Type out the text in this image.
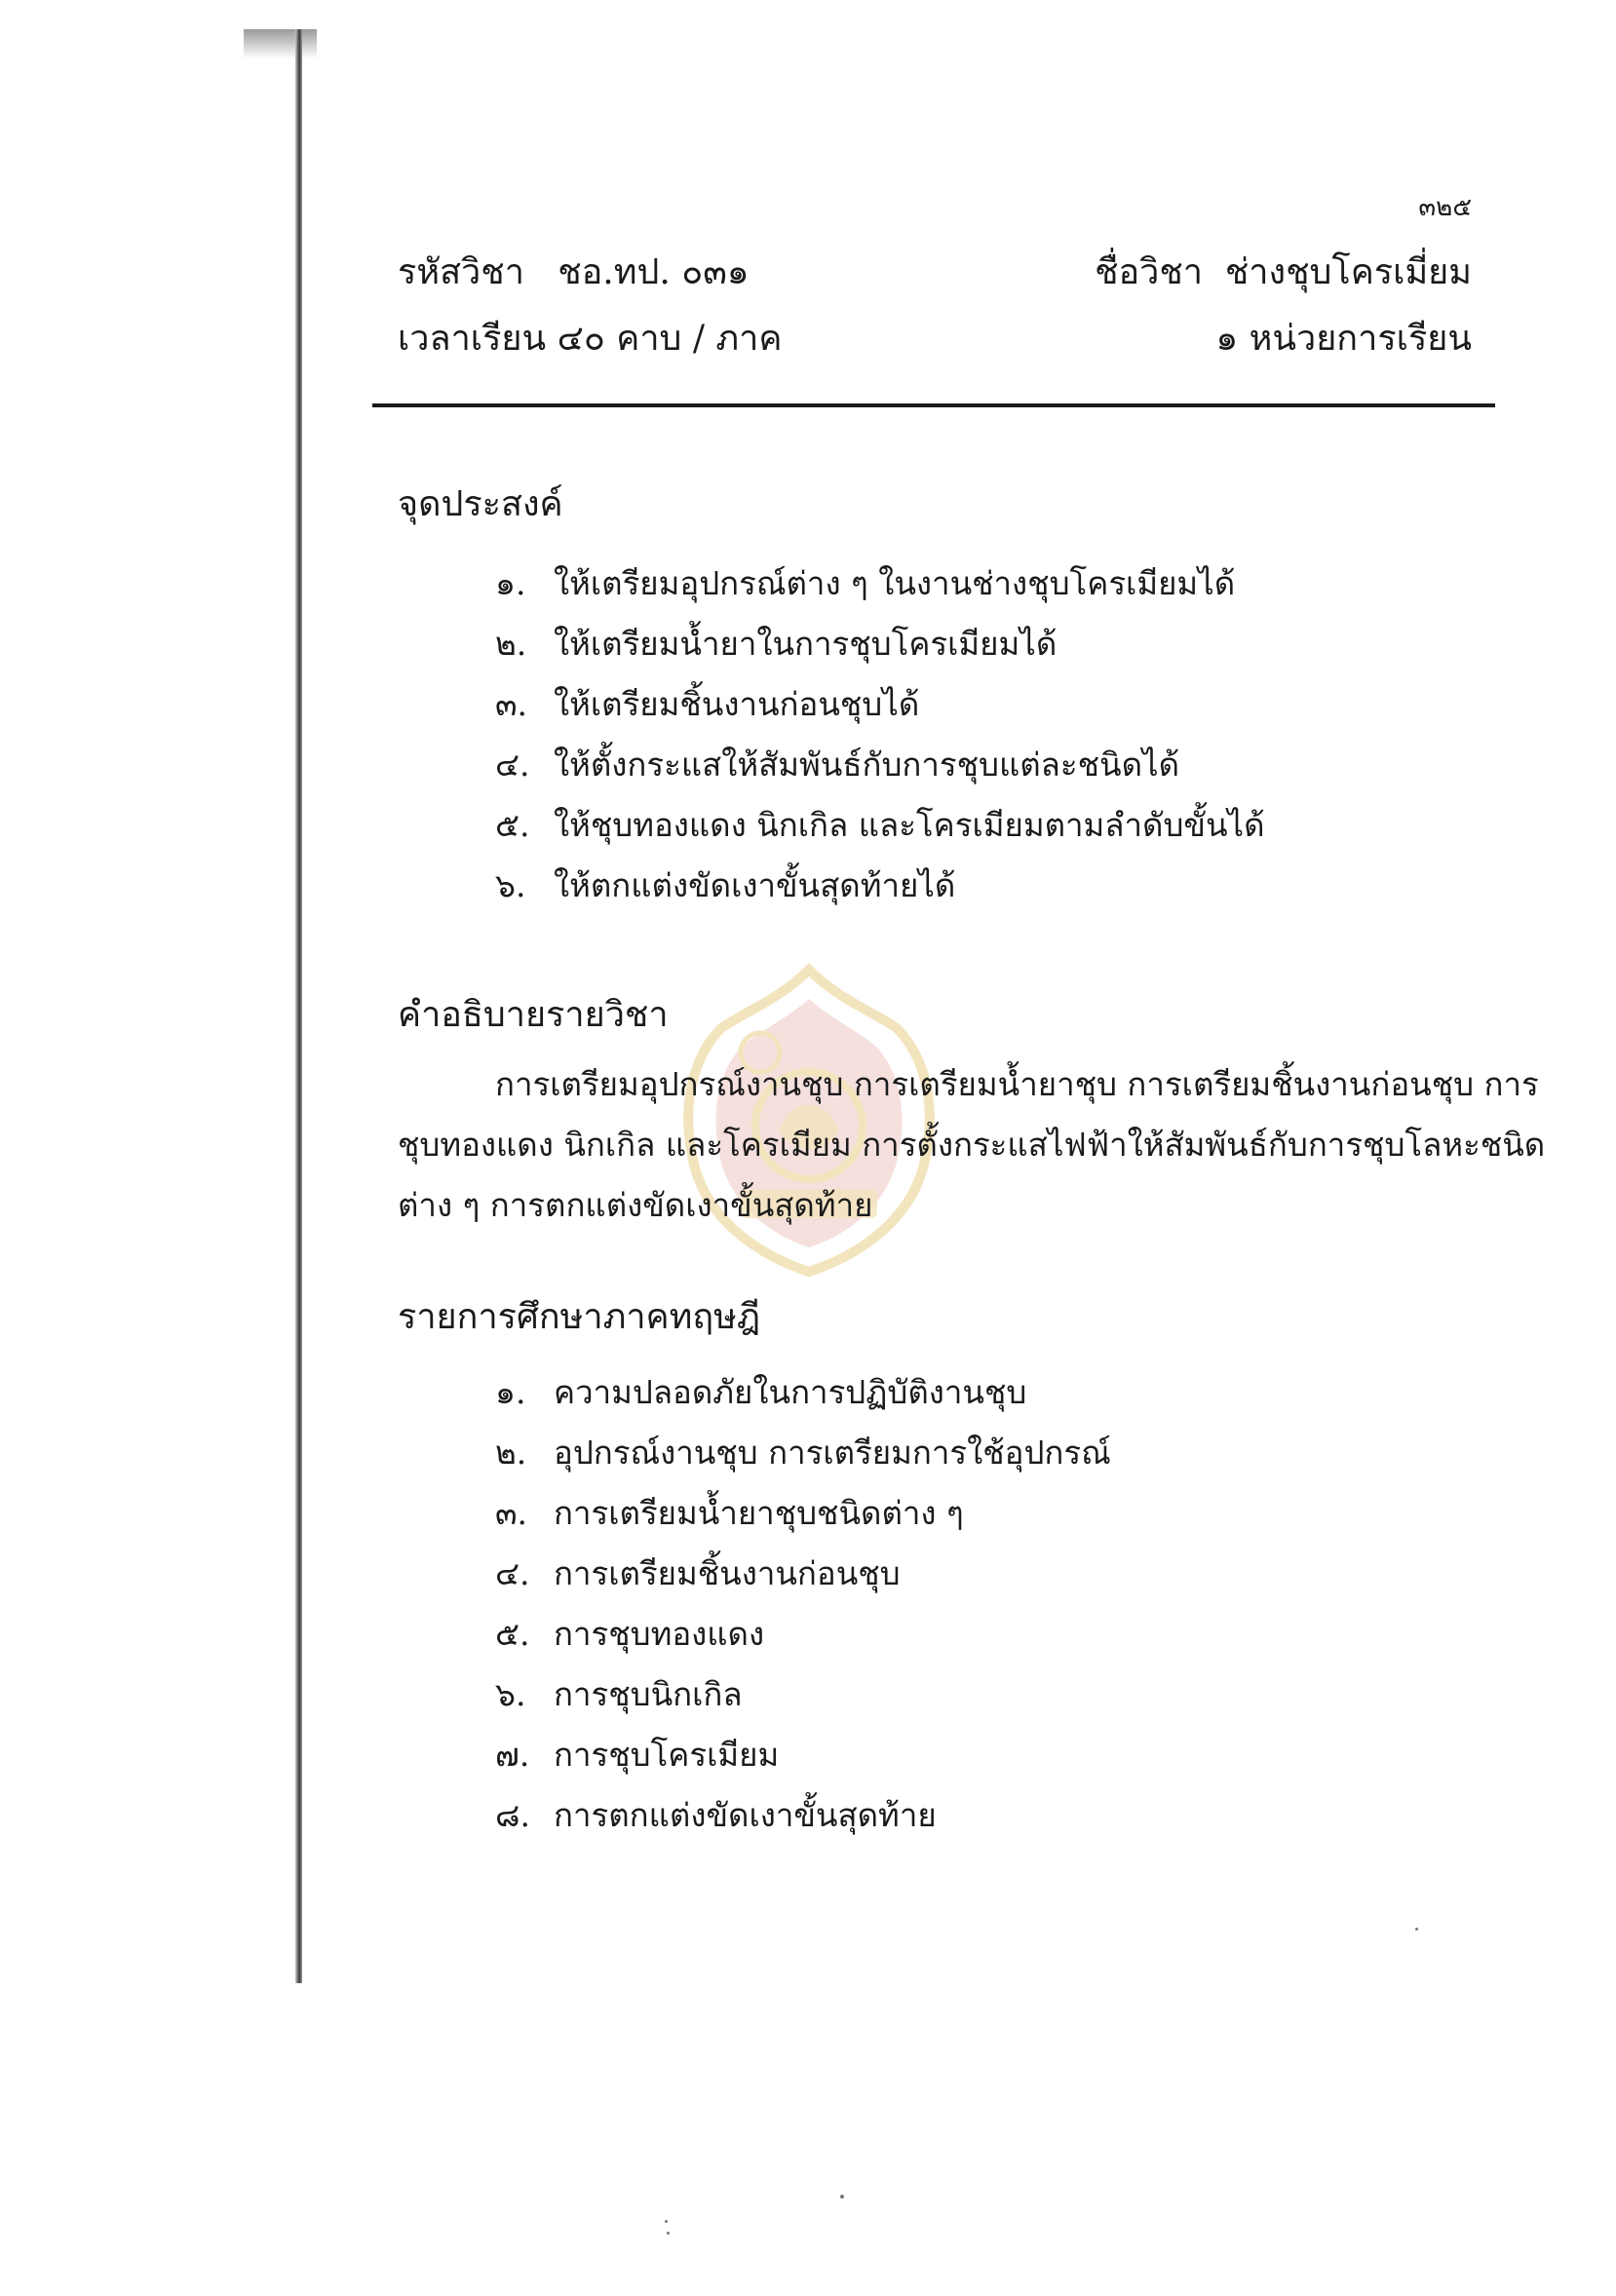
๓๒๕
รหัสวิชา ชอ.ทป. ๐๓๑
เวลาเรียน ๔๐ คาบ / ภาค
ชื่อวิชา ช่างชุบโครเมี่ยม
๑ หน่วยการเรียน
จุดประสงค์
๑. ให้เตรียมอุปกรณ์ต่าง ๆ ในงานช่างชุบโครเมียมได้
๒. ให้เตรียมน้ำยาในการชุบโครเมียมได้
๓. ให้เตรียมชิ้นงานก่อนชุบได้
๔. ให้ตั้งกระแสให้สัมพันธ์กับการชุบแต่ละชนิดได้
๕. ให้ชุบทองแดง นิกเกิล และโครเมียมตามลำดับขั้นได้
๖. ให้ตกแต่งขัดเงาขั้นสุดท้ายได้
คำอธิบายรายวิชา
การเตรียมอุปกรณ์งานชุบ การเตรียมน้ำยาชุบ การเตรียมชิ้นงานก่อนชุบ การ
ชุบทองแดง นิกเกิล และโครเมียม การตั้งกระแสไฟฟ้าให้สัมพันธ์กับการชุบโลหะชนิด
ต่าง ๆ การตกแต่งขัดเงาขั้นสุดท้าย
รายการศึกษาภาคทฤษฎี
๑. ความปลอดภัยในการปฏิบัติงานชุบ
๒. อุปกรณ์งานชุบ การเตรียมการใช้อุปกรณ์
๓. การเตรียมน้ำยาชุบชนิดต่าง ๆ
๔. การเตรียมชิ้นงานก่อนชุบ
๕. การชุบทองแดง
๖. การชุบนิกเกิล
๗. การชุบโครเมียม
๘. การตกแต่งขัดเงาขั้นสุดท้าย
